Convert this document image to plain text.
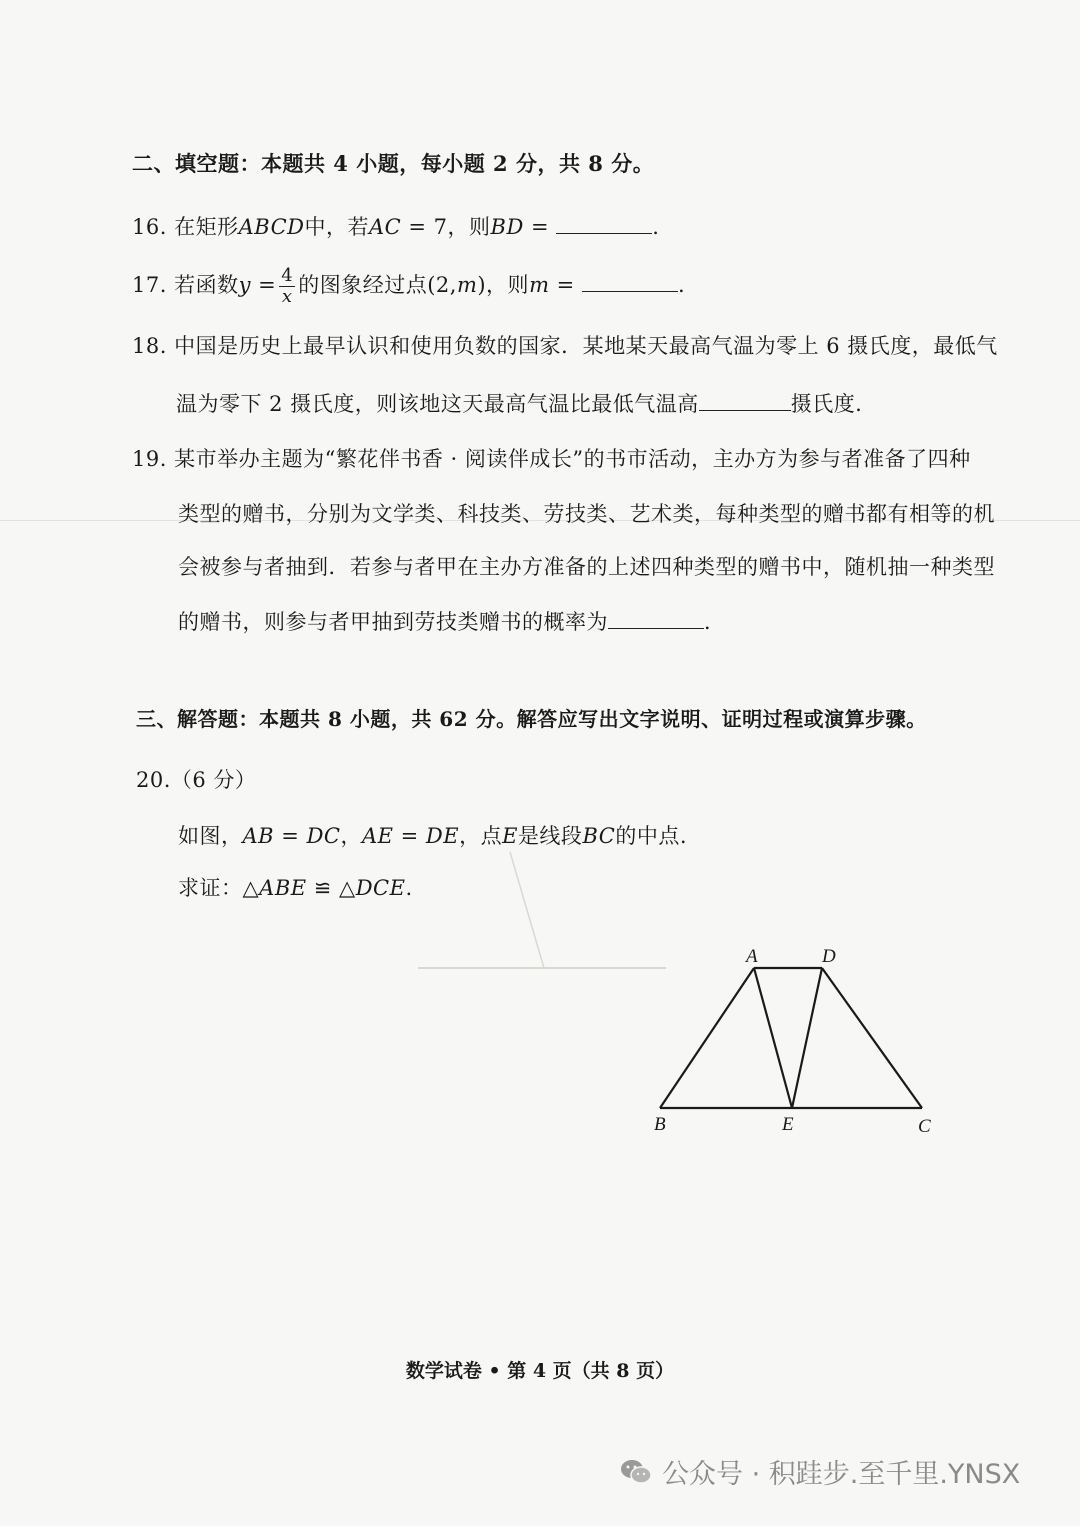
二、填空题：本题共 4 小题，每小题 2 分，共 8 分。
16. 在矩形ABCD中，若AC = 7，则BD =	.
17. 若函数$y = \frac{4}{x}$ 的图象经过点(2,m)，则m =	.
18. 中国是历史上最早认识和使用负数的国家．某地某天最高气温为零上 6 摄氏度，最低气
温为零下 2 摄氏度，则该地这天最高气温比最低气温高	摄氏度．
19. 某市举办主题为“繁花伴书香 · 阅读伴成长”的书市活动，主办方为参与者准备了四种
类型的赠书，分别为文学类、科技类、劳技类、艺术类，每种类型的赠书都有相等的机
会被参与者抽到．若参与者甲在主办方准备的上述四种类型的赠书中，随机抽一种类型
的赠书，则参与者甲抽到劳技类赠书的概率为	．
三、解答题：本题共 8 小题，共 62 分。解答应写出文字说明、证明过程或演算步骤。
20.（6 分）
如图，AB = DC，AE = DE，点E是线段BC的中点.
求证：△ABE ≌ △DCE.
A	D
B	E	C
数学试卷 • 第 4 页（共 8 页）
公众号 · 积跬步.至千里.YNSX
